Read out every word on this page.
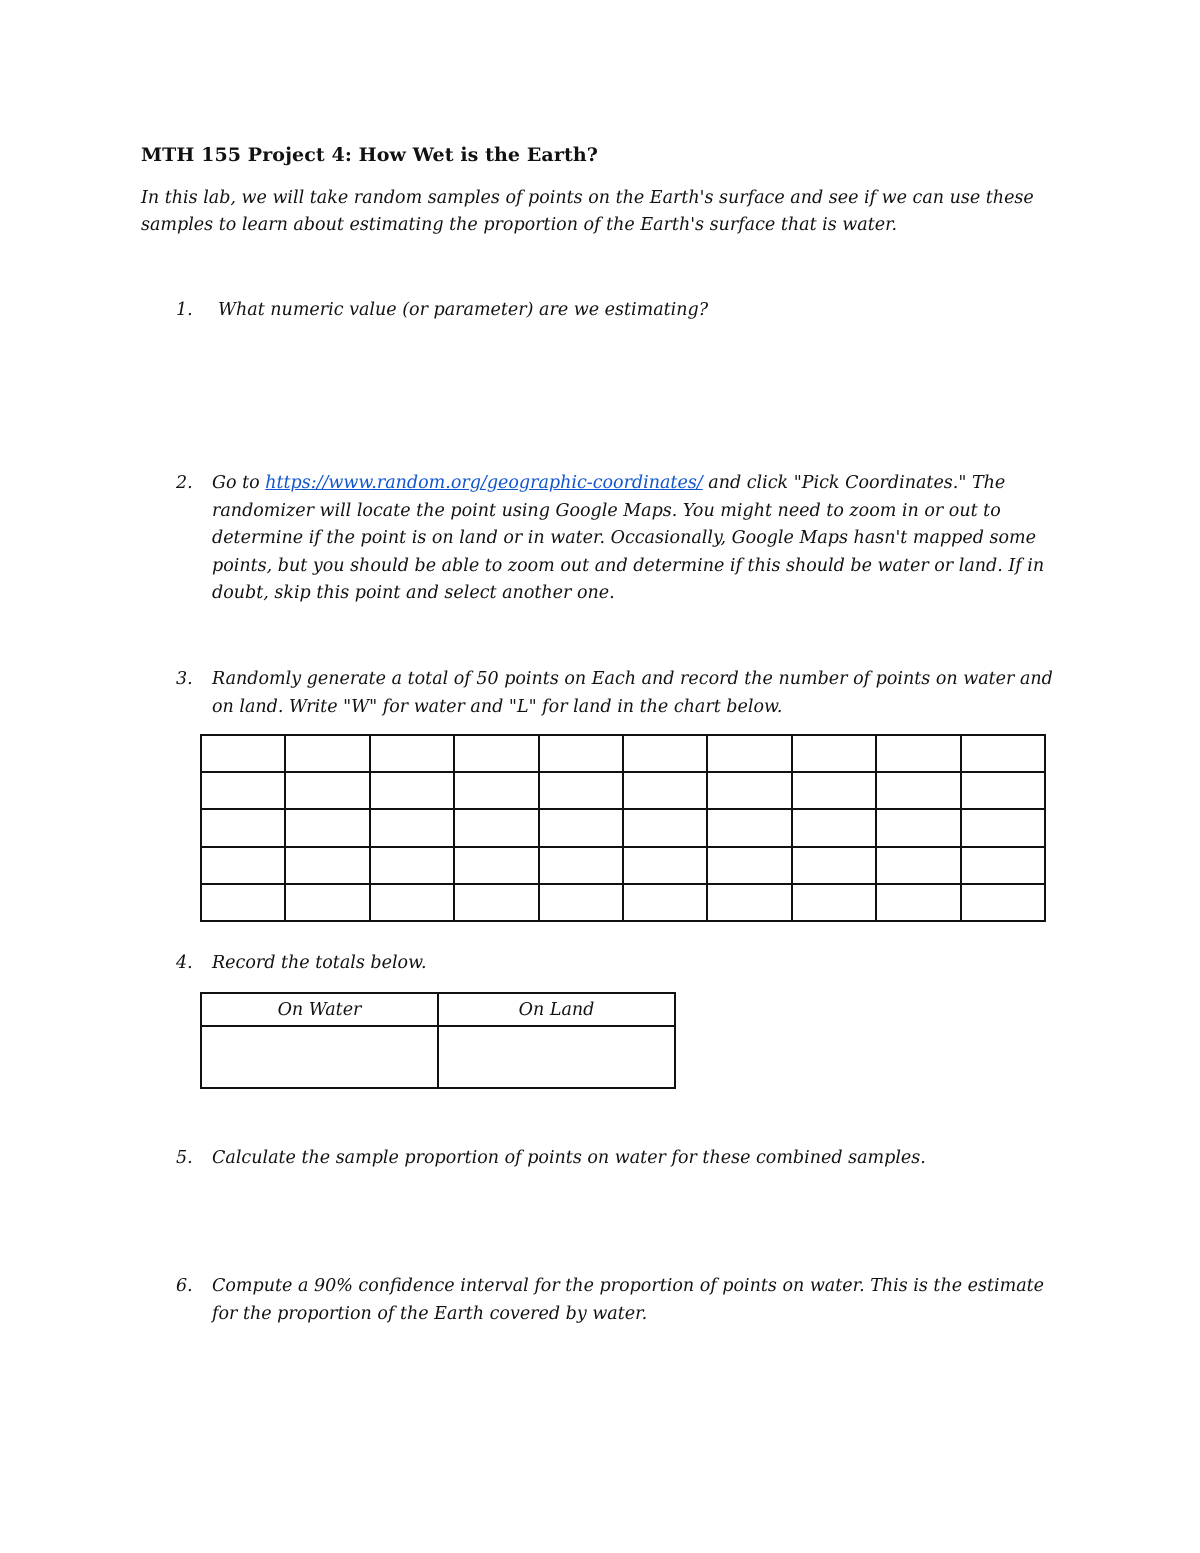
MTH 155 Project 4: How Wet is the Earth?
In this lab, we will take random samples of points on the Earth's surface and see if we can use these samples to learn about estimating the proportion of the Earth's surface that is water.
1. What numeric value (or parameter) are we estimating?
2. Go to https://www.random.org/geographic-coordinates/ and click "Pick Coordinates." The randomizer will locate the point using Google Maps. You might need to zoom in or out to determine if the point is on land or in water. Occasionally, Google Maps hasn't mapped some points, but you should be able to zoom out and determine if this should be water or land. If in doubt, skip this point and select another one.
3. Randomly generate a total of 50 points on Each and record the number of points on water and on land. Write "W" for water and "L" for land in the chart below.

4. Record the totals below.
On Water	On Land

5. Calculate the sample proportion of points on water for these combined samples.
6. Compute a 90% confidence interval for the proportion of points on water. This is the estimate for the proportion of the Earth covered by water.
